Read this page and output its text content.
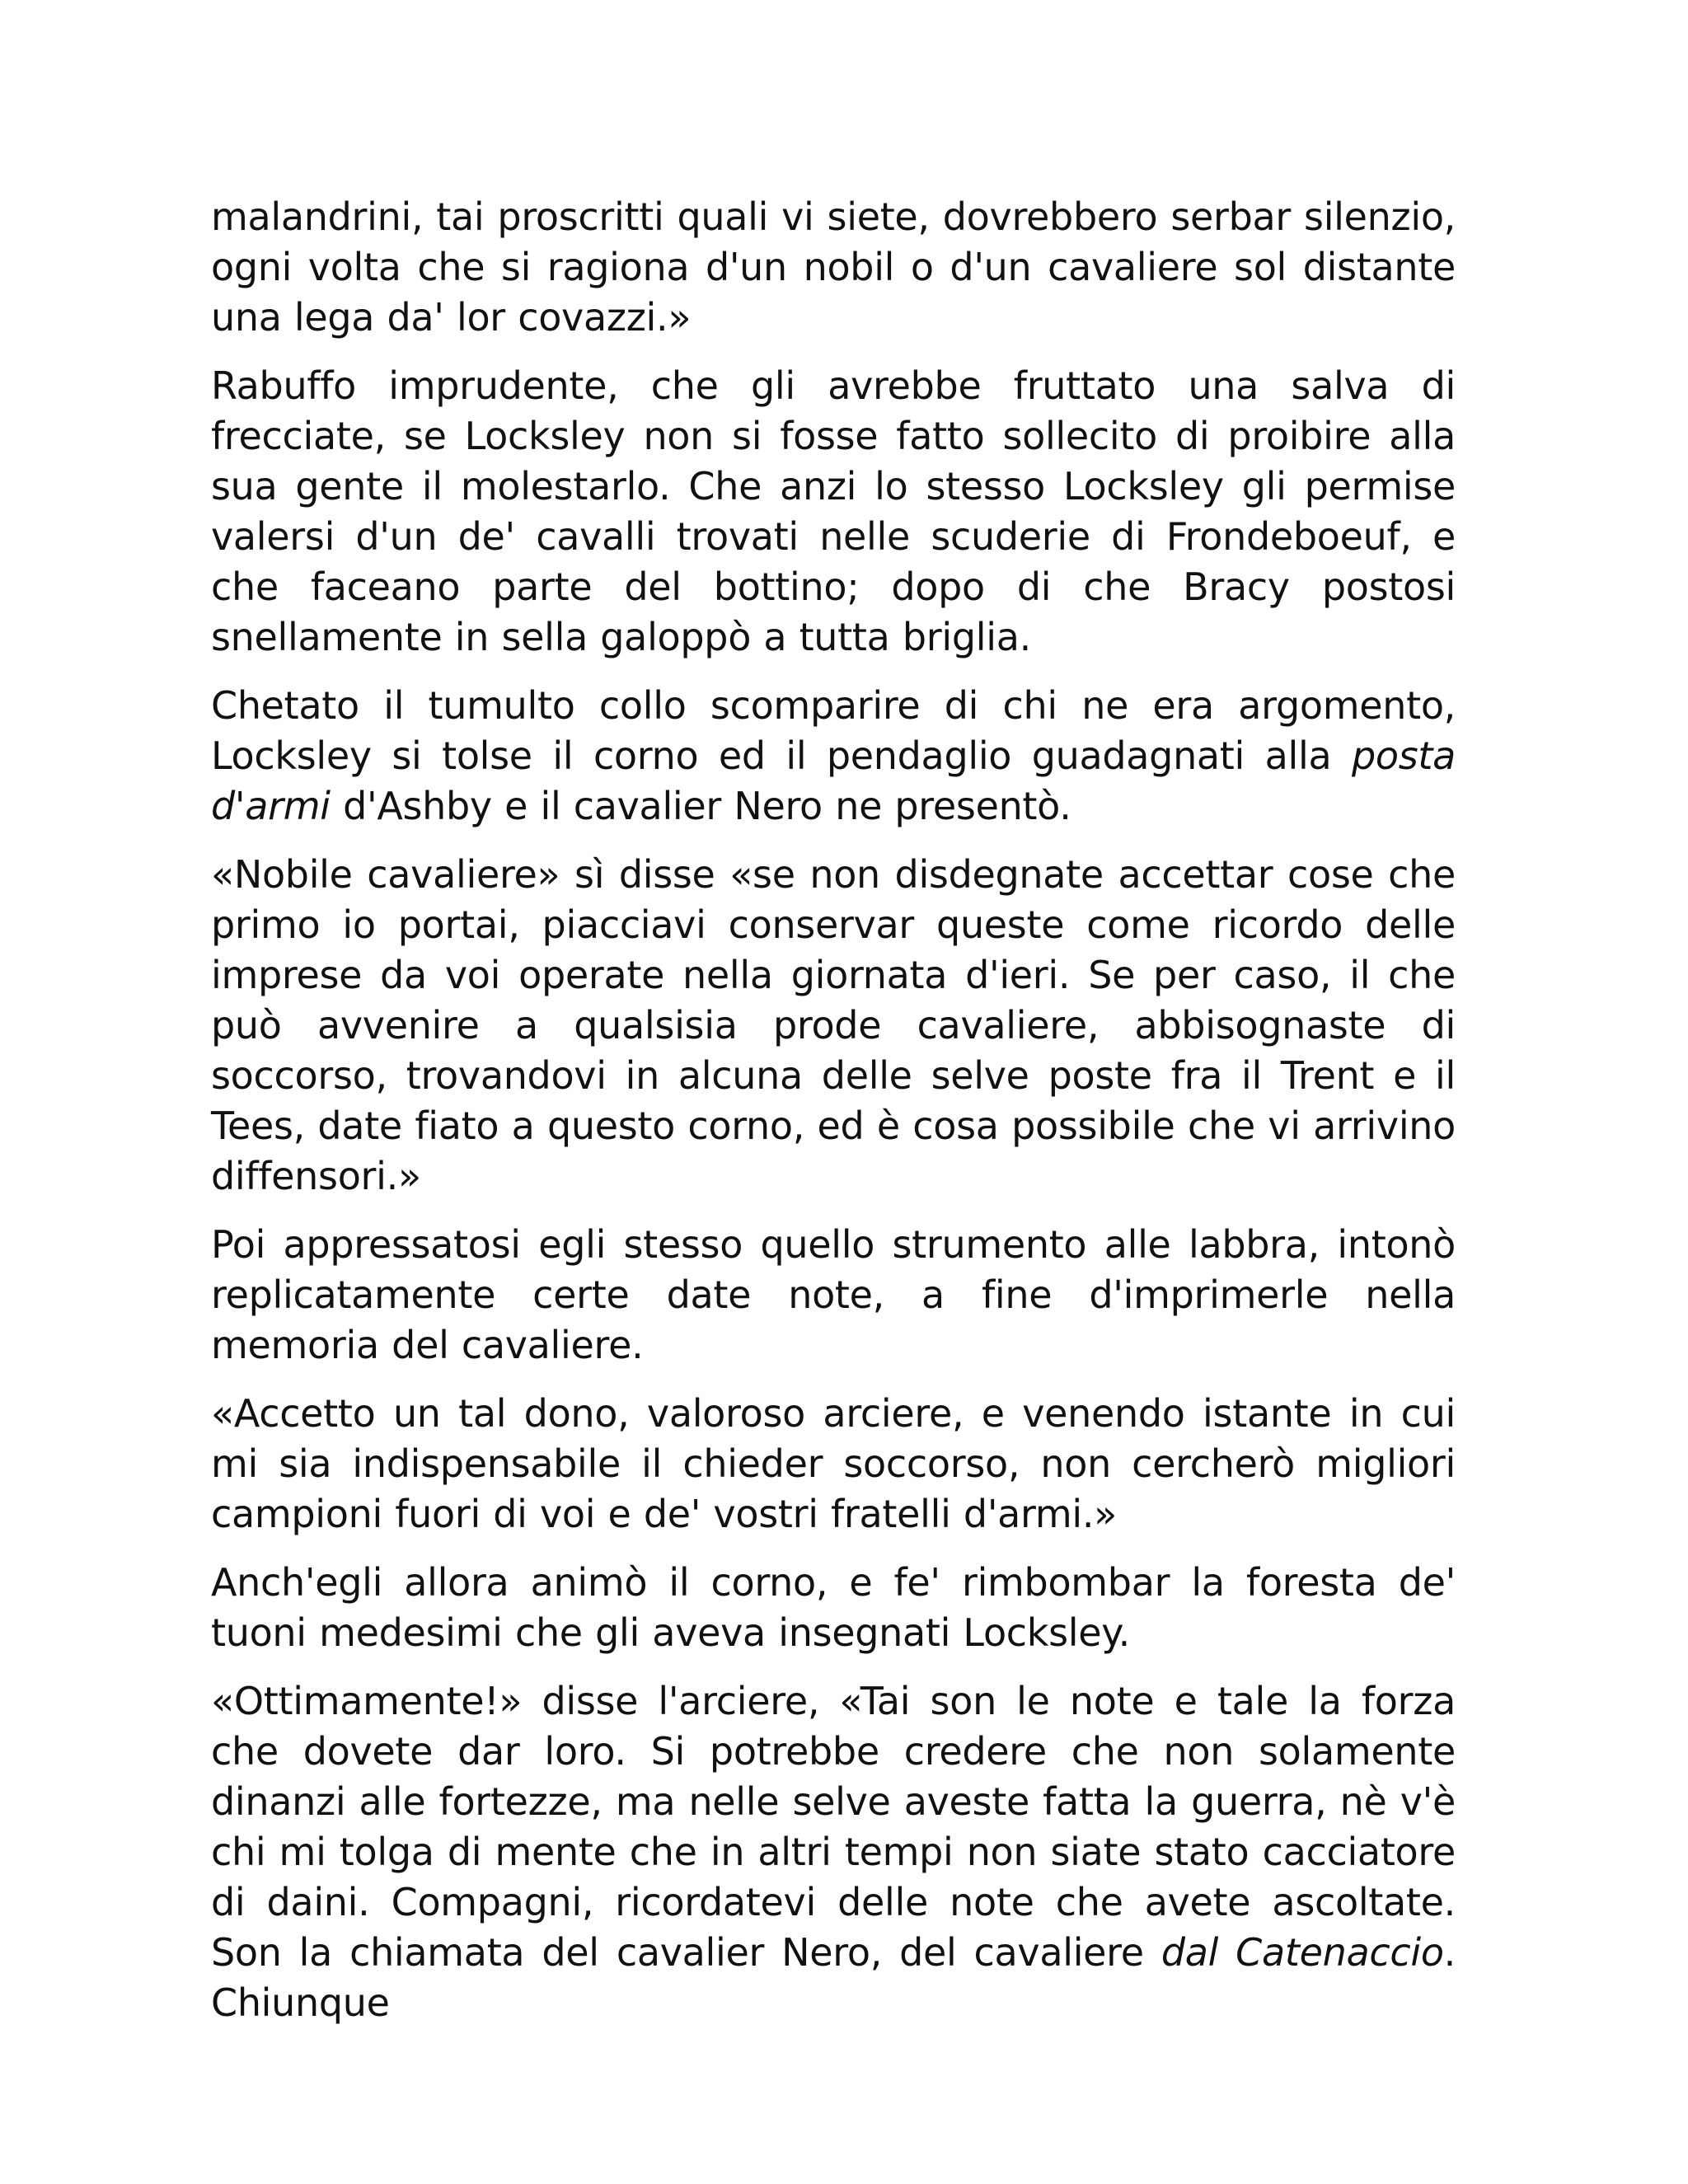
malandrini, tai proscritti quali vi siete, dovrebbero serbar silenzio, ogni volta che si ragiona d'un nobil o d'un cavaliere sol distante una lega da' lor covazzi.»

Rabuffo imprudente, che gli avrebbe fruttato una salva di frecciate, se Locksley non si fosse fatto sollecito di proibire alla sua gente il molestarlo. Che anzi lo stesso Locksley gli permise valersi d'un de' cavalli trovati nelle scuderie di Frondeboeuf, e che faceano parte del bottino; dopo di che Bracy postosi snellamente in sella galoppò a tutta briglia.

Chetato il tumulto collo scomparire di chi ne era argomento, Locksley si tolse il corno ed il pendaglio guadagnati alla posta d'armi d'Ashby e il cavalier Nero ne presentò.

«Nobile cavaliere» sì disse «se non disdegnate accettar cose che primo io portai, piacciavi conservar queste come ricordo delle imprese da voi operate nella giornata d'ieri. Se per caso, il che può avvenire a qualsisia prode cavaliere, abbisognaste di soccorso, trovandovi in alcuna delle selve poste fra il Trent e il Tees, date fiato a questo corno, ed è cosa possibile che vi arrivino diffensori.»

Poi appressatosi egli stesso quello strumento alle labbra, intonò replicatamente certe date note, a fine d'imprimerle nella memoria del cavaliere.

«Accetto un tal dono, valoroso arciere, e venendo istante in cui mi sia indispensabile il chieder soccorso, non cercherò migliori campioni fuori di voi e de' vostri fratelli d'armi.»

Anch'egli allora animò il corno, e fe' rimbombar la foresta de' tuoni medesimi che gli aveva insegnati Locksley.

«Ottimamente!» disse l'arciere, «Tai son le note e tale la forza che dovete dar loro. Si potrebbe credere che non solamente dinanzi alle fortezze, ma nelle selve aveste fatta la guerra, nè v'è chi mi tolga di mente che in altri tempi non siate stato cacciatore di daini. Compagni, ricordatevi delle note che avete ascoltate. Son la chiamata del cavalier Nero, del cavaliere dal Catenaccio. Chiunque
